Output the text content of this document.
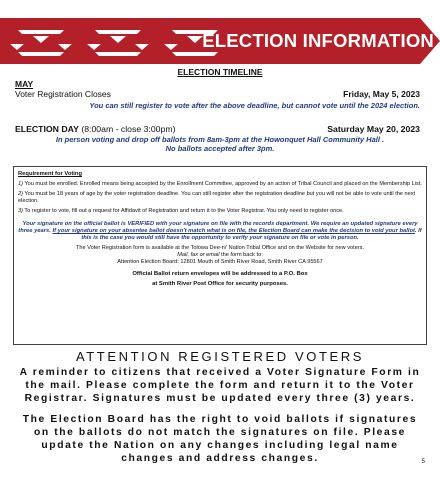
ELECTION INFORMATION
ELECTION TIMELINE
MAY
Voter Registration Closes	Friday, May 5, 2023
You can still register to vote after the above deadline, but cannot vote until the 2024 election.
ELECTION DAY (8:00am - close 3:00pm)	Saturday May 20, 2023
In person voting and drop off ballots from 8am-3pm at the Howonquet Hall Community Hall .
No ballots accepted after 3pm.
Requirement for Voting
1) You must be enrolled. Enrolled means being accepted by the Enrollment Committee, approved by an action of Tribal Council and placed on the Membership List.
2) You must be 18 years of age by the voter registration deadline. You can still register after the registration deadline but you will not be able to vote until the next election.
3) To register to vote, fill out a request for Affidavit of Registration and return it to the Voter Registrar. You only need to register once.
Your signature on the official ballot is VERIFIED with your signature on file with the records department. We require an updated signature every three years. If your signature on your absentee ballot doesn't match what is on file, the Election Board can make the decision to void your ballot. If this is the case you would still have the opportunity to verify your signature on file or vote in person.
The Voter Registration form is available at the Tolowa Dee-ni' Nation Tribal Office and on the Website for new voters.
Mail, fax or email the form back to:
Attention Election Board: 12801 Mouth of Smith River Road, Smith River CA 95567
Official Ballot return envelopes will be addressed to a P.O. Box
at Smith River Post Office for security purposes.
ATTENTION REGISTERED VOTERS

A reminder to citizens that received a Voter Signature Form in the mail. Please complete the form and return it to the Voter Registrar. Signatures must be updated every three (3) years.

The Election Board has the right to void ballots if signatures on the ballots do not match the signatures on file. Please update the Nation on any changes including legal name changes and address changes.	5
